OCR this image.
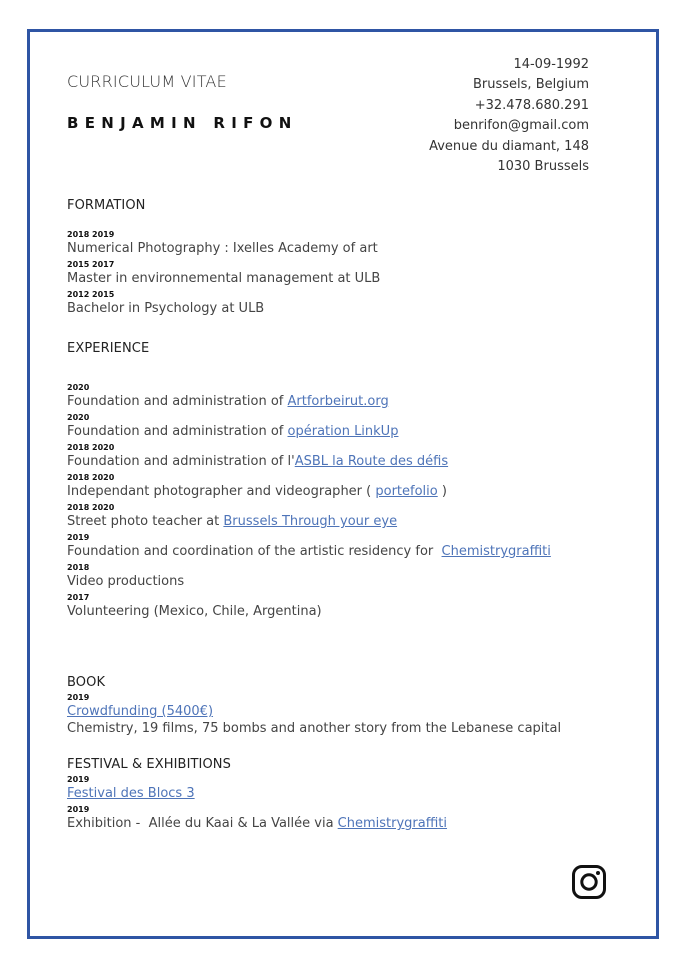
CURRICULUM VITAE
BENJAMIN RIFON
14-09-1992
Brussels, Belgium
+32.478.680.291
benrifon@gmail.com
Avenue du diamant, 148
1030 Brussels
FORMATION
2018 2019
Numerical Photography : Ixelles Academy of art
2015 2017
Master in environnemental management at ULB
2012 2015
Bachelor in Psychology at ULB
EXPERIENCE
2020
Foundation and administration of Artforbeirut.org
2020
Foundation and administration of opération LinkUp
2018 2020
Foundation and administration of l'ASBL la Route des défis
2018 2020
Independant photographer and videographer ( portefolio )
2018 2020
Street photo teacher at Brussels Through your eye
2019
Foundation and coordination of the artistic residency for  Chemistrygraffiti
2018
Video productions
2017
Volunteering (Mexico, Chile, Argentina)
BOOK
2019
Crowdfunding (5400€)
Chemistry, 19 films, 75 bombs and another story from the Lebanese capital
FESTIVAL & EXHIBITIONS
2019
Festival des Blocs 3
2019
Exhibition -  Allée du Kaai & La Vallée via Chemistrygraffiti
